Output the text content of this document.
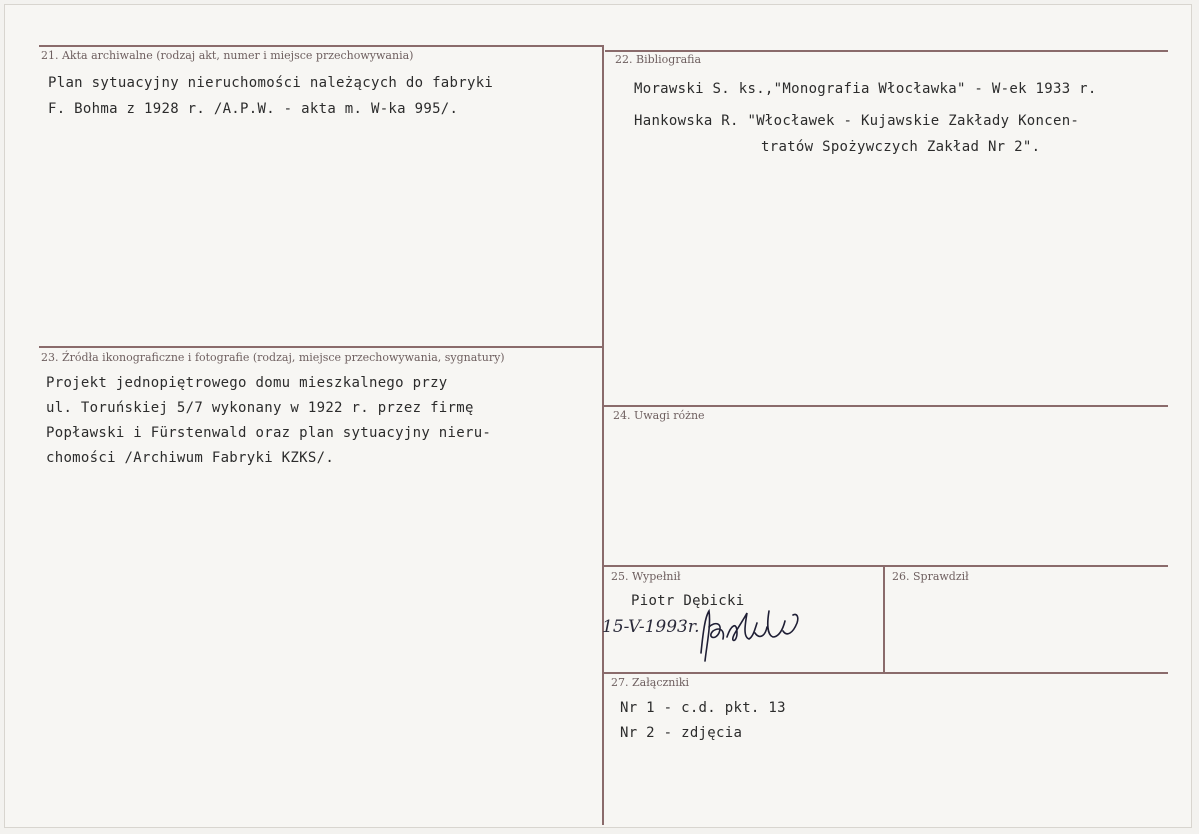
21. Akta archiwalne (rodzaj akt, numer i miejsce przechowywania)
Plan sytuacyjny nieruchomości należących do fabryki
F. Bohma z 1928 r. /A.P.W. - akta m. W-ka 995/.
22. Bibliografia
Morawski S. ks.,"Monografia Włocławka" - W-ek 1933 r.
Hankowska R. "Włocławek - Kujawskie Zakłady Koncen-
tratów Spożywczych Zakład Nr 2".
23. Źródła ikonograficzne i fotografie (rodzaj, miejsce przechowywania, sygnatury)
Projekt jednopiętrowego domu mieszkalnego przy
ul. Toruńskiej 5/7 wykonany w 1922 r. przez firmę
Popławski i Fürstenwald oraz plan sytuacyjny nieru-
chomości /Archiwum Fabryki KZKS/.
24. Uwagi różne
25. Wypełnił
Piotr Dębicki
15-V-1993r.
26. Sprawdził
27. Załączniki
Nr 1 - c.d. pkt. 13
Nr 2 - zdjęcia
